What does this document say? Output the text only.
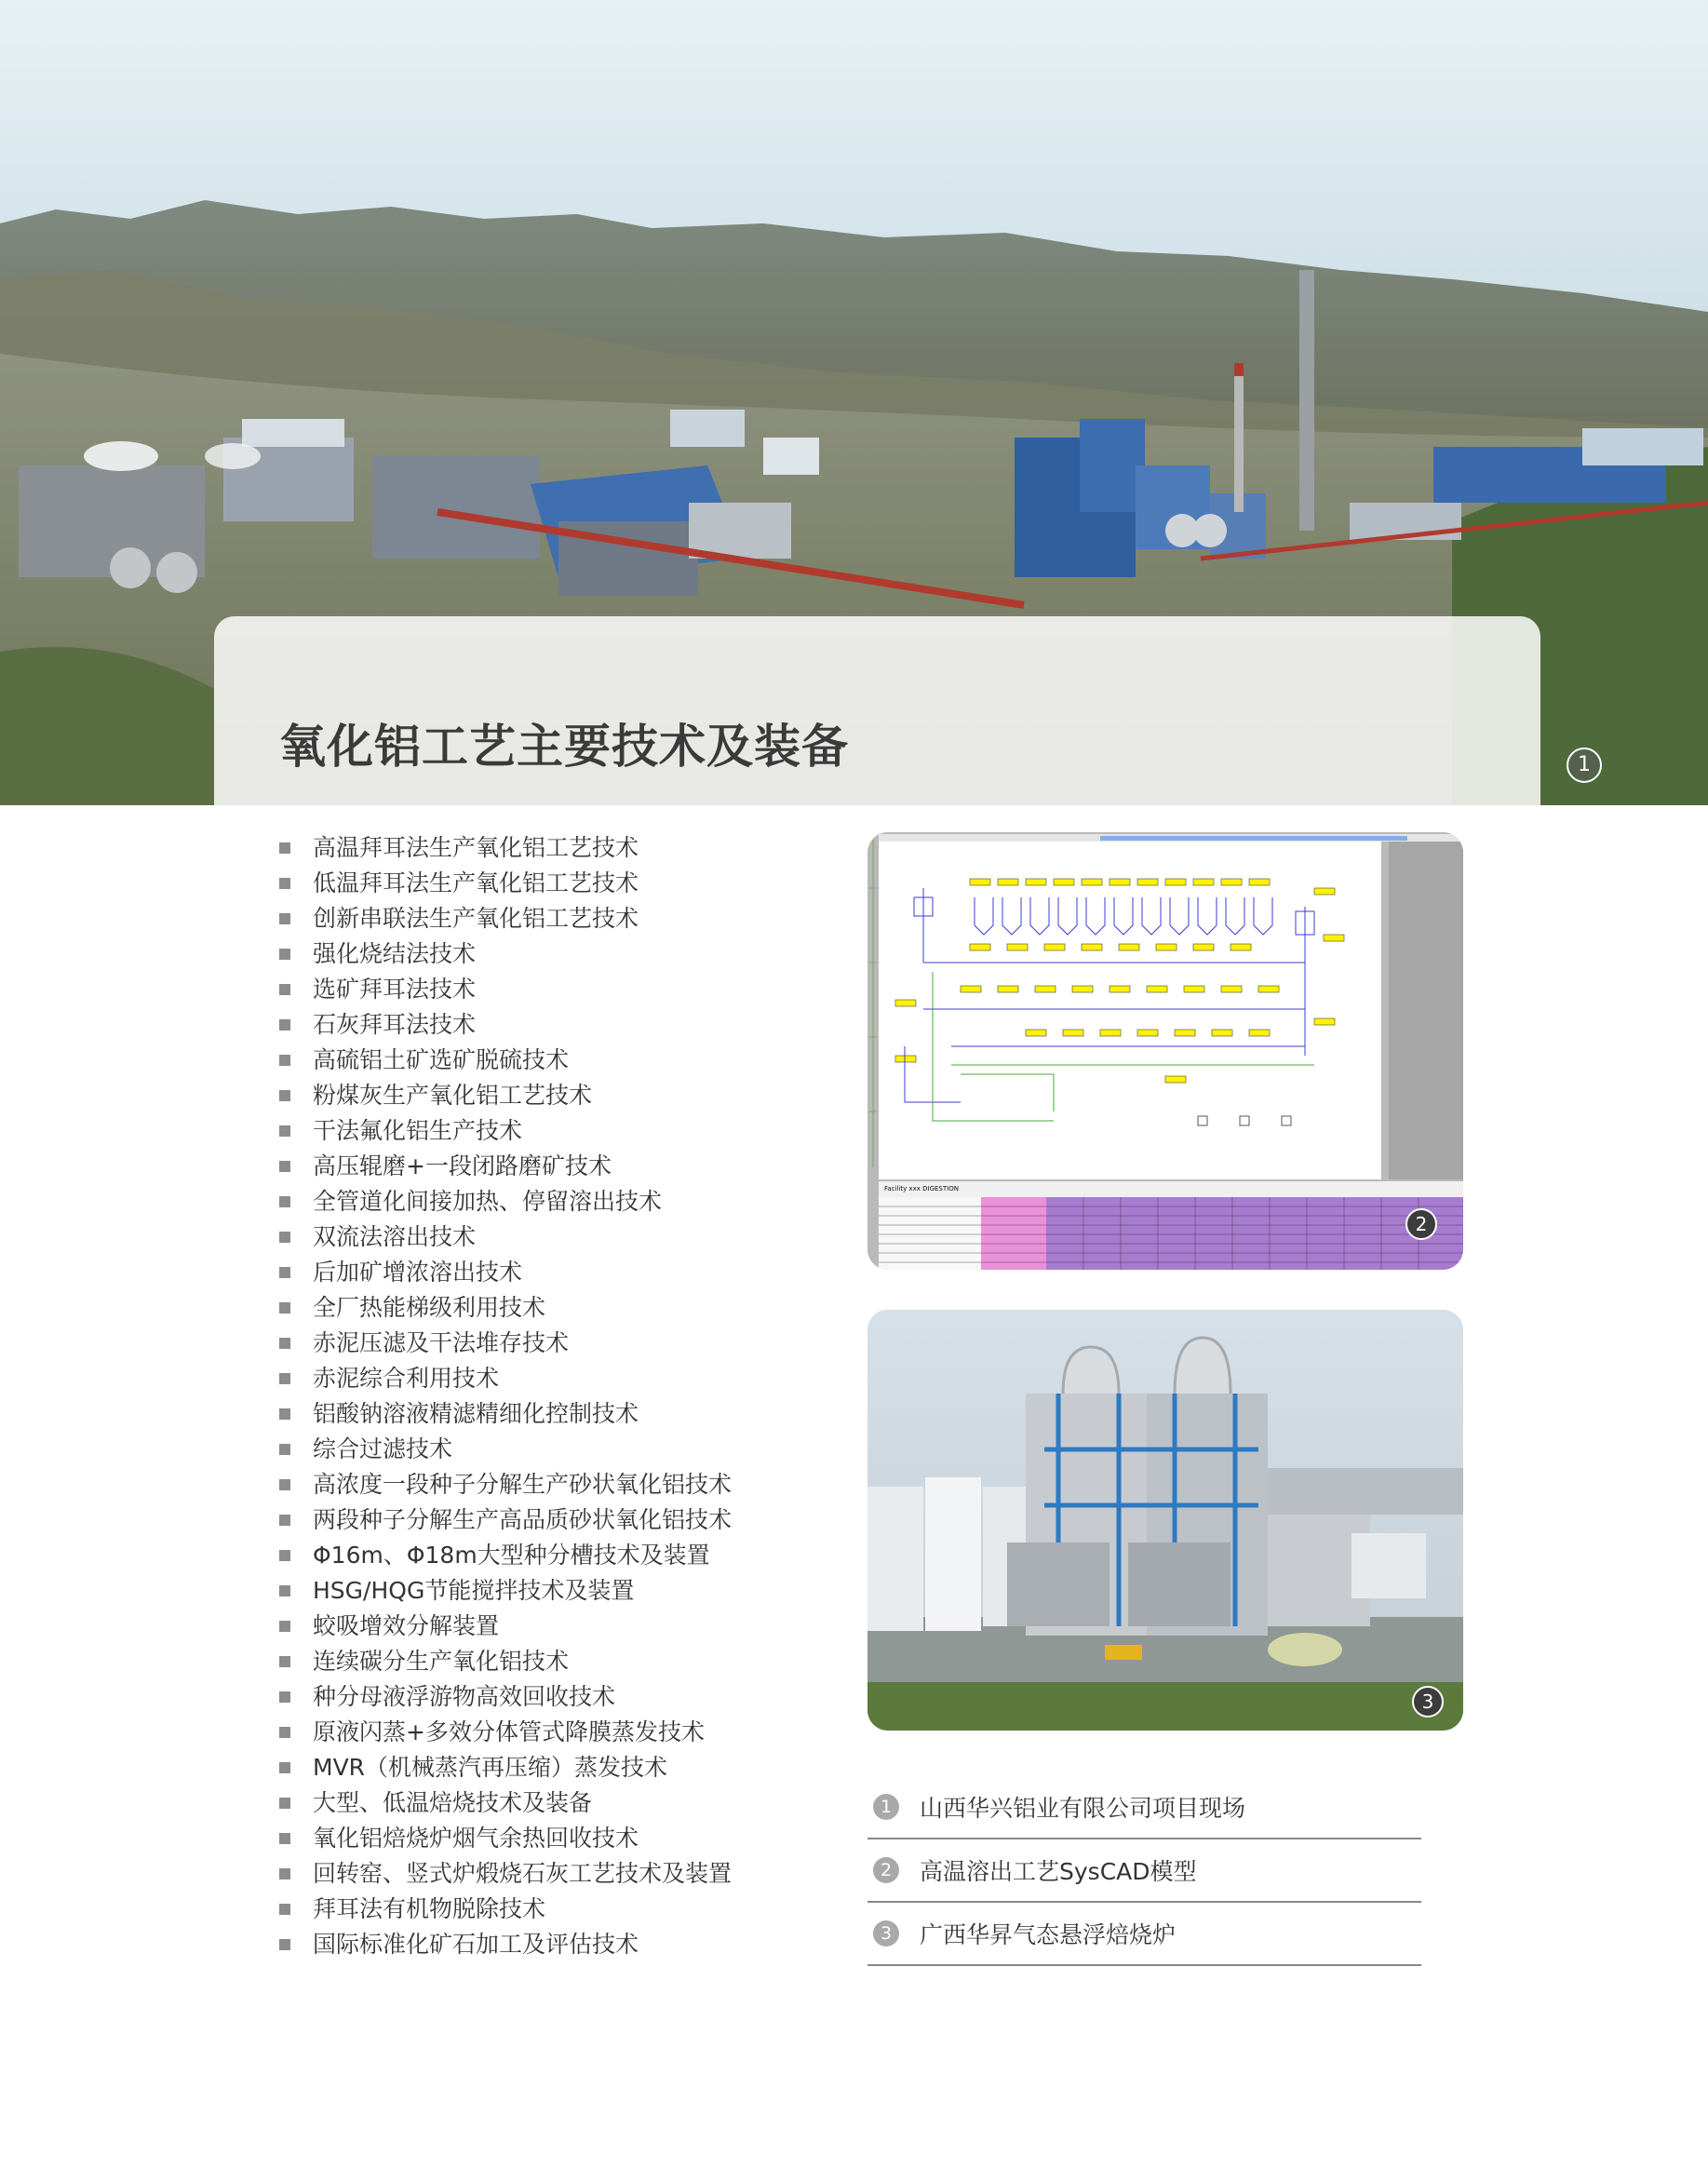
氧化铝工艺主要技术及装备	1
高温拜耳法生产氧化铝工艺技术
低温拜耳法生产氧化铝工艺技术
创新串联法生产氧化铝工艺技术
强化烧结法技术
选矿拜耳法技术
石灰拜耳法技术
高硫铝土矿选矿脱硫技术
粉煤灰生产氧化铝工艺技术
干法氟化铝生产技术
高压辊磨+一段闭路磨矿技术
全管道化间接加热、停留溶出技术
双流法溶出技术
后加矿增浓溶出技术
全厂热能梯级利用技术
赤泥压滤及干法堆存技术
赤泥综合利用技术
铝酸钠溶液精滤精细化控制技术
综合过滤技术
高浓度一段种子分解生产砂状氧化铝技术
两段种子分解生产高品质砂状氧化铝技术
Φ16m、Φ18m大型种分槽技术及装置
HSG/HQG节能搅拌技术及装置
蛟吸增效分解装置
连续碳分生产氧化铝技术
种分母液浮游物高效回收技术
原液闪蒸+多效分体管式降膜蒸发技术
MVR（机械蒸汽再压缩）蒸发技术
大型、低温焙烧技术及装备
氧化铝焙烧炉烟气余热回收技术
回转窑、竖式炉煅烧石灰工艺技术及装置
拜耳法有机物脱除技术
国际标准化矿石加工及评估技术
Facility xxx DIGESTION
2
3
1	山西华兴铝业有限公司项目现场
2	高温溶出工艺SysCAD模型
3	广西华昇气态悬浮焙烧炉
